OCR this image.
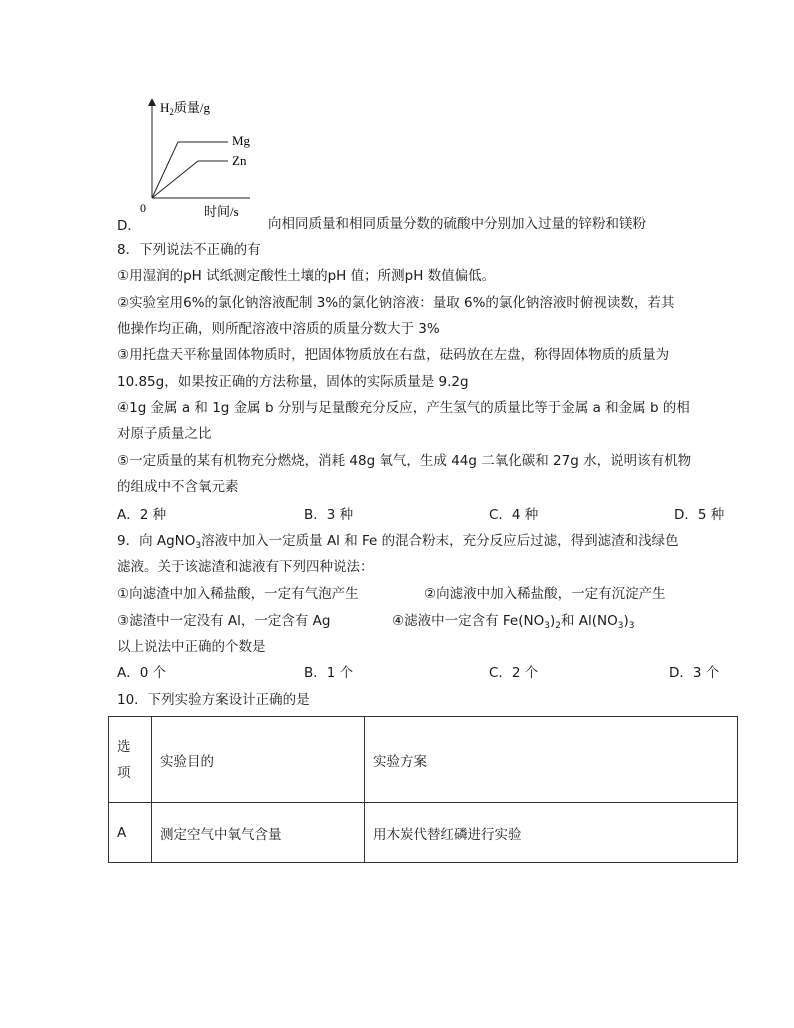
$H_2$质量/g
Mg
Zn
0	时间/s
D．	向相同质量和相同质量分数的硫酸中分别加入过量的锌粉和镁粉
8．下列说法不正确的有
①用湿润的pH 试纸测定酸性土壤的pH 值；所测pH 数值偏低。
②实验室用6%的氯化钠溶液配制 3%的氯化钠溶液：量取 6%的氯化钠溶液时俯视读数，若其
他操作均正确，则所配溶液中溶质的质量分数大于 3%
③用托盘天平称量固体物质时，把固体物质放在右盘，砝码放在左盘，称得固体物质的质量为
10.85g，如果按正确的方法称量，固体的实际质量是 9.2g
④1g 金属 a 和 1g 金属 b 分别与足量酸充分反应，产生氢气的质量比等于金属 a 和金属 b 的相
对原子质量之比
⑤一定质量的某有机物充分燃烧，消耗 48g 氧气，生成 44g 二氧化碳和 27g 水，说明该有机物
的组成中不含氧元素
A．2 种	B．3 种	C．4 种	D．5 种
9．向 AgNO$_3$溶液中加入一定质量 Al 和 Fe 的混合粉末，充分反应后过滤，得到滤渣和浅绿色
滤液。关于该滤渣和滤液有下列四种说法：
①向滤渣中加入稀盐酸，一定有气泡产生	②向滤液中加入稀盐酸，一定有沉淀产生
③滤渣中一定没有 Al，一定含有 Ag	④滤液中一定含有 $Fe(NO_3)_2$和 $Al(NO_3)_3$
以上说法中正确的个数是
A．0 个	B．1 个	C．2 个	D．3 个
10．下列实验方案设计正确的是
选
项	实验目的	实验方案
A	测定空气中氧气含量	用木炭代替红磷进行实验
